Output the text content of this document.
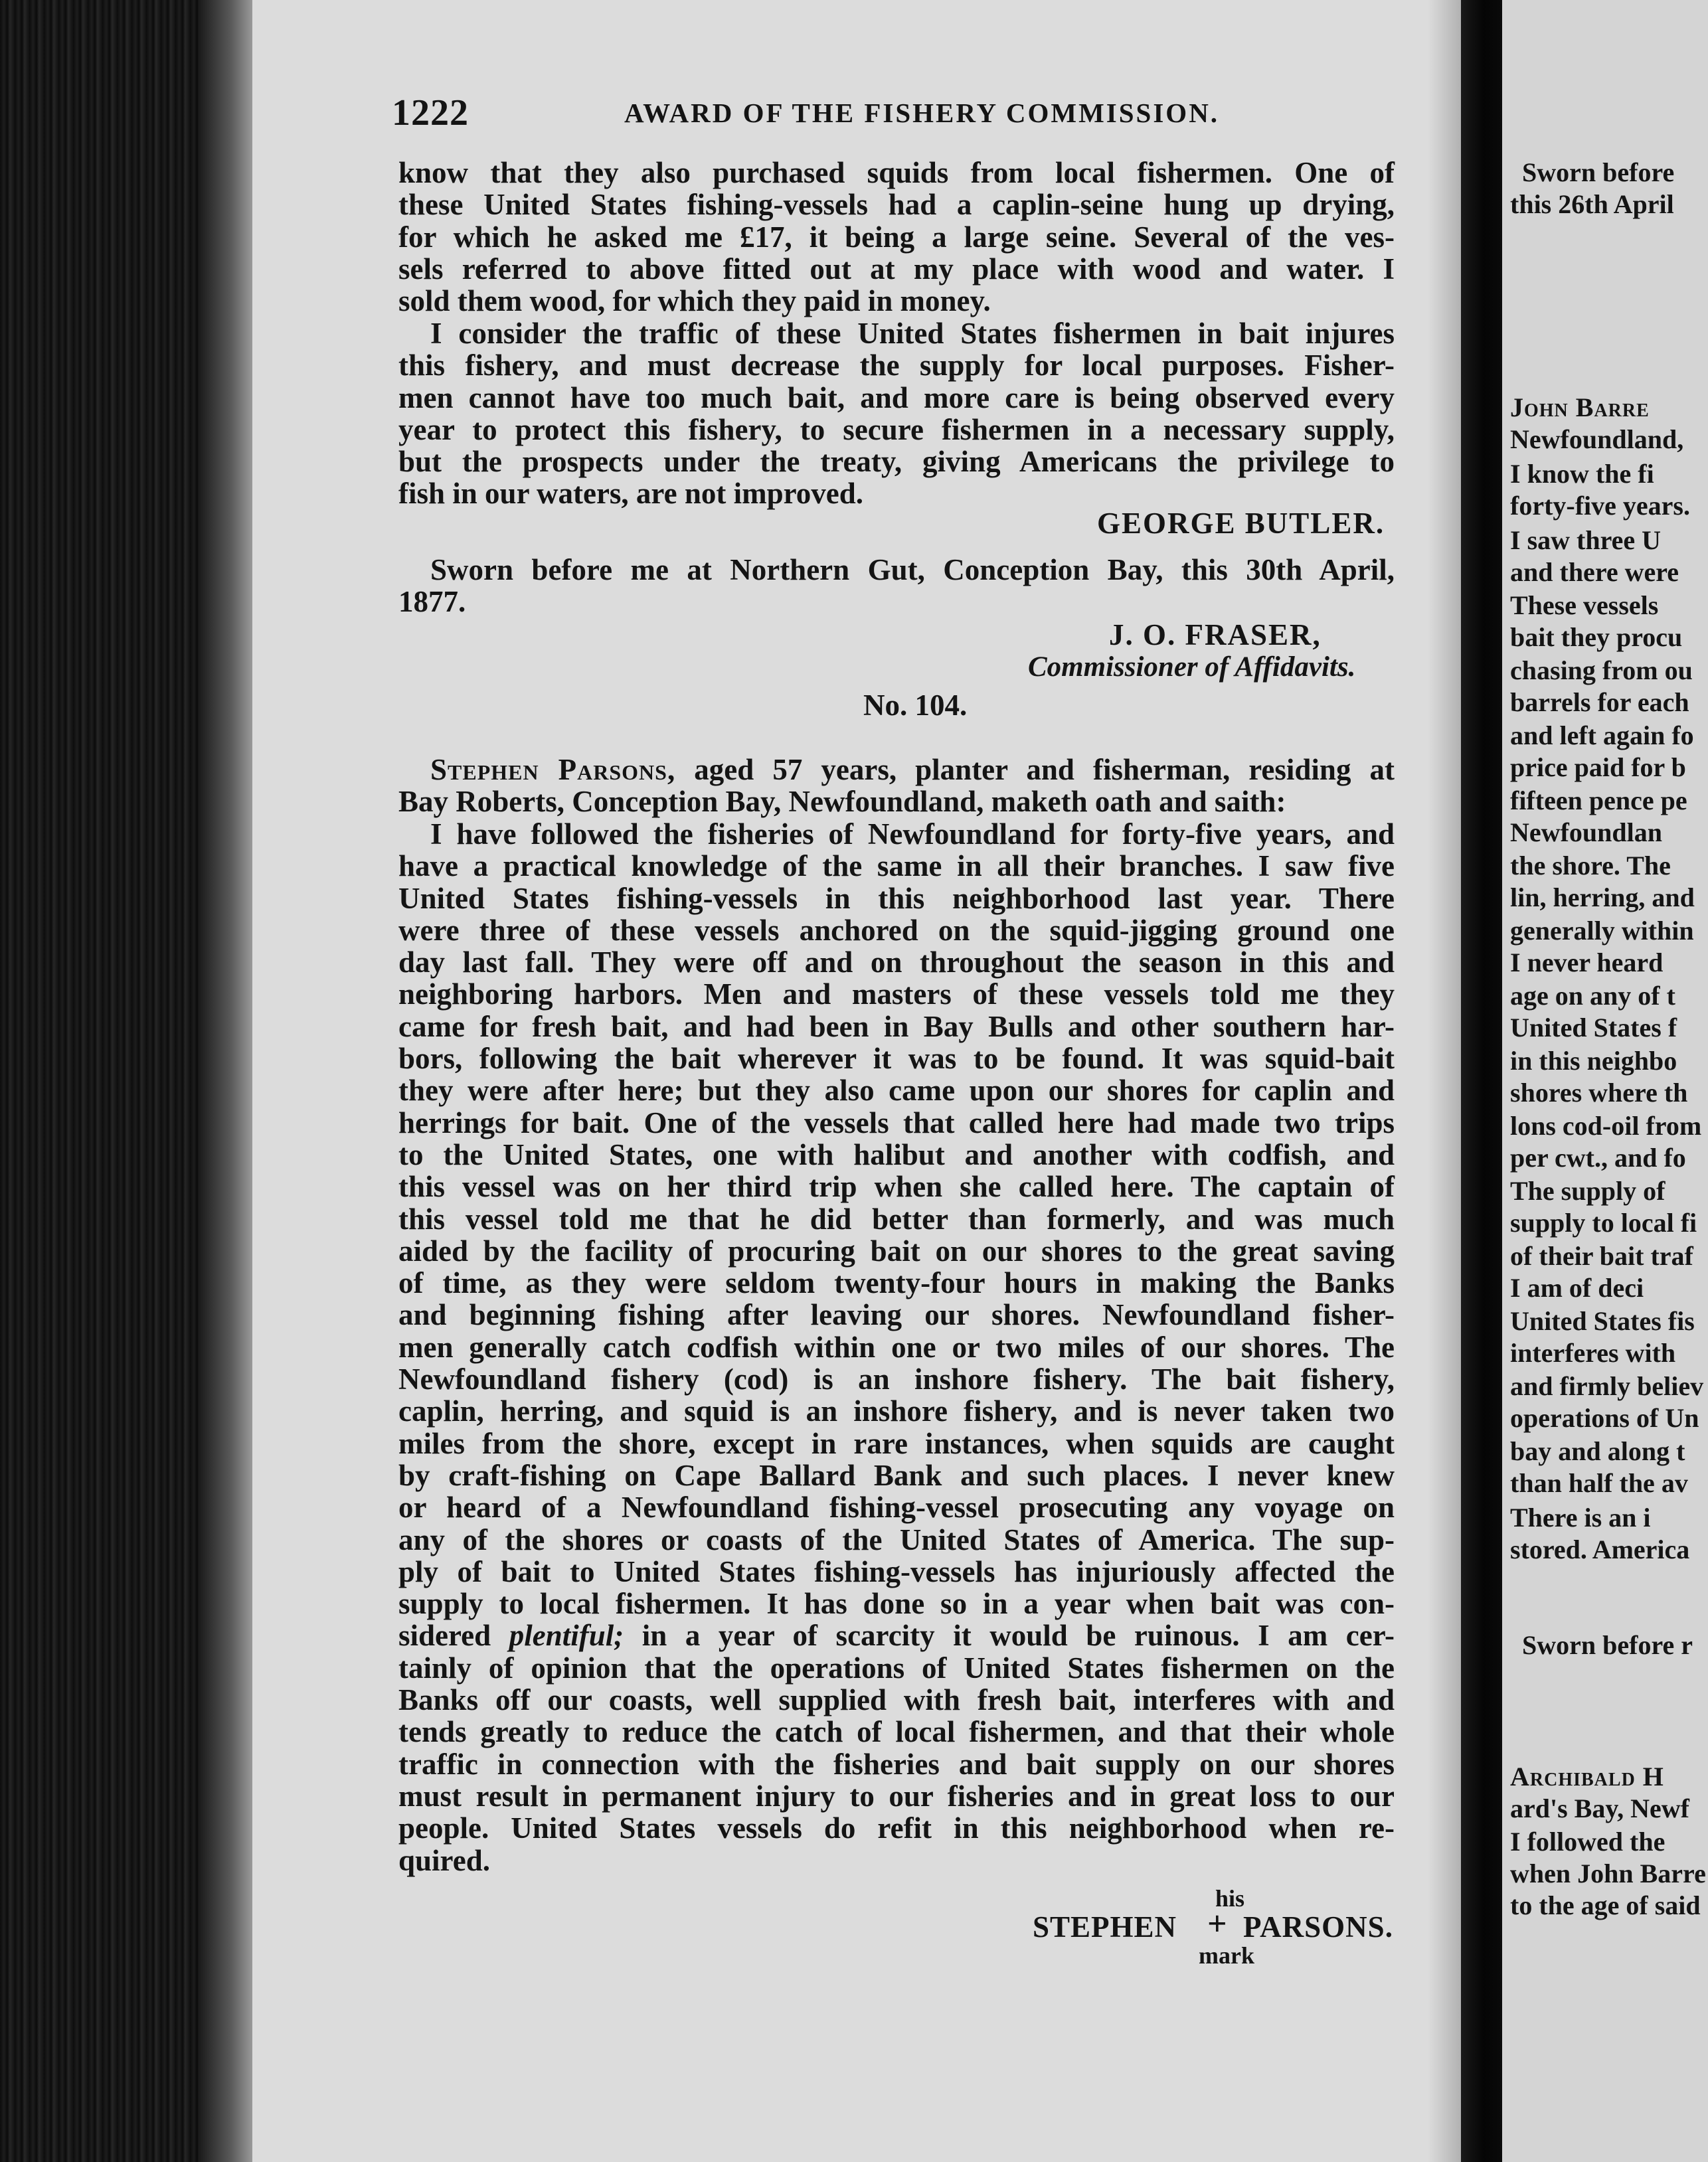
1222	AWARD OF THE FISHERY COMMISSION.
know that they also purchased squids from local fishermen. One of
these United States fishing-vessels had a caplin-seine hung up drying,
for which he asked me £17, it being a large seine. Several of the ves-
sels referred to above fitted out at my place with wood and water. I
sold them wood, for which they paid in money.
I consider the traffic of these United States fishermen in bait injures
this fishery, and must decrease the supply for local purposes. Fisher-
men cannot have too much bait, and more care is being observed every
year to protect this fishery, to secure fishermen in a necessary supply,
but the prospects under the treaty, giving Americans the privilege to
fish in our waters, are not improved.
GEORGE BUTLER.
Sworn before me at Northern Gut, Conception Bay, this 30th April,
1877.
J. O. FRASER,
Commissioner of Affidavits.
No. 104.
Stephen Parsons, aged 57 years, planter and fisherman, residing at
Bay Roberts, Conception Bay, Newfoundland, maketh oath and saith:
I have followed the fisheries of Newfoundland for forty-five years, and
have a practical knowledge of the same in all their branches. I saw five
United States fishing-vessels in this neighborhood last year. There
were three of these vessels anchored on the squid-jigging ground one
day last fall. They were off and on throughout the season in this and
neighboring harbors. Men and masters of these vessels told me they
came for fresh bait, and had been in Bay Bulls and other southern har-
bors, following the bait wherever it was to be found. It was squid-bait
they were after here; but they also came upon our shores for caplin and
herrings for bait. One of the vessels that called here had made two trips
to the United States, one with halibut and another with codfish, and
this vessel was on her third trip when she called here. The captain of
this vessel told me that he did better than formerly, and was much
aided by the facility of procuring bait on our shores to the great saving
of time, as they were seldom twenty-four hours in making the Banks
and beginning fishing after leaving our shores. Newfoundland fisher-
men generally catch codfish within one or two miles of our shores. The
Newfoundland fishery (cod) is an inshore fishery. The bait fishery,
caplin, herring, and squid is an inshore fishery, and is never taken two
miles from the shore, except in rare instances, when squids are caught
by craft-fishing on Cape Ballard Bank and such places. I never knew
or heard of a Newfoundland fishing-vessel prosecuting any voyage on
any of the shores or coasts of the United States of America. The sup-
ply of bait to United States fishing-vessels has injuriously affected the
supply to local fishermen. It has done so in a year when bait was con-
sidered plentiful; in a year of scarcity it would be ruinous. I am cer-
tainly of opinion that the operations of United States fishermen on the
Banks off our coasts, well supplied with fresh bait, interferes with and
tends greatly to reduce the catch of local fishermen, and that their whole
traffic in connection with the fisheries and bait supply on our shores
must result in permanent injury to our fisheries and in great loss to our
people. United States vessels do refit in this neighborhood when re-
quired.
his
STEPHEN + PARSONS.
mark
Sworn before
this 26th April
John Barre
Newfoundland,
I know the fi
forty-five years.
I saw three U
and there were
These vessels
bait they procu
chasing from ou
barrels for each
and left again fo
price paid for b
fifteen pence pe
Newfoundlan
the shore. The
lin, herring, and
generally within
I never heard
age on any of t
United States f
in this neighbo
shores where th
lons cod-oil from
per cwt., and fo
The supply of
supply to local fi
of their bait traf
I am of deci
United States fis
interferes with
and firmly believ
operations of Un
bay and along t
than half the av
There is an i
stored. America
Sworn before r
Archibald H
ard's Bay, Newf
I followed the
when John Barre
to the age of said
